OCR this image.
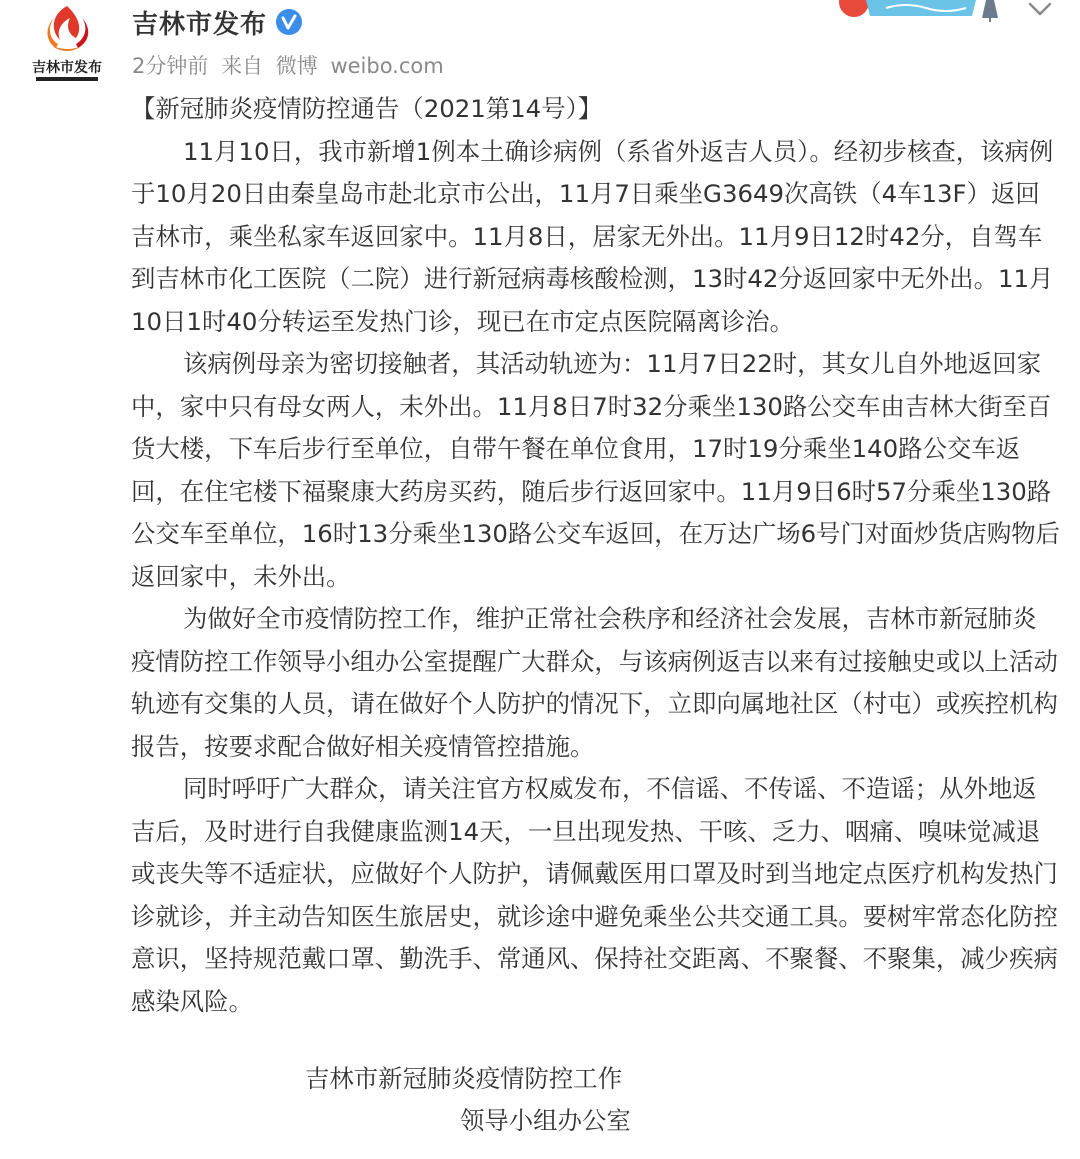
吉林市发布
吉林市发布
2分钟前 来自 微博 weibo.com

【新冠肺炎疫情防控通告（2021第14号）】

11月10日，我市新增1例本土确诊病例（系省外返吉人员）。经初步核查，该病例于10月20日由秦皇岛市赴北京市公出，11月7日乘坐G3649次高铁（4车13F）返回吉林市，乘坐私家车返回家中。11月8日，居家无外出。11月9日12时42分，自驾车到吉林市化工医院（二院）进行新冠病毒核酸检测，13时42分返回家中无外出。11月10日1时40分转运至发热门诊，现已在市定点医院隔离诊治。

该病例母亲为密切接触者，其活动轨迹为：11月7日22时，其女儿自外地返回家中，家中只有母女两人，未外出。11月8日7时32分乘坐130路公交车由吉林大街至百货大楼，下车后步行至单位，自带午餐在单位食用，17时19分乘坐140路公交车返回，在住宅楼下福聚康大药房买药，随后步行返回家中。11月9日6时57分乘坐130路公交车至单位，16时13分乘坐130路公交车返回，在万达广场6号门对面炒货店购物后返回家中，未外出。

为做好全市疫情防控工作，维护正常社会秩序和经济社会发展，吉林市新冠肺炎疫情防控工作领导小组办公室提醒广大群众，与该病例返吉以来有过接触史或以上活动轨迹有交集的人员，请在做好个人防护的情况下，立即向属地社区（村屯）或疾控机构报告，按要求配合做好相关疫情管控措施。

同时呼吁广大群众，请关注官方权威发布，不信谣、不传谣、不造谣；从外地返吉后，及时进行自我健康监测14天，一旦出现发热、干咳、乏力、咽痛、嗅味觉减退或丧失等不适症状，应做好个人防护，请佩戴医用口罩及时到当地定点医疗机构发热门诊就诊，并主动告知医生旅居史，就诊途中避免乘坐公共交通工具。要树牢常态化防控意识，坚持规范戴口罩、勤洗手、常通风、保持社交距离、不聚餐、不聚集，减少疾病感染风险。

吉林市新冠肺炎疫情防控工作
领导小组办公室
